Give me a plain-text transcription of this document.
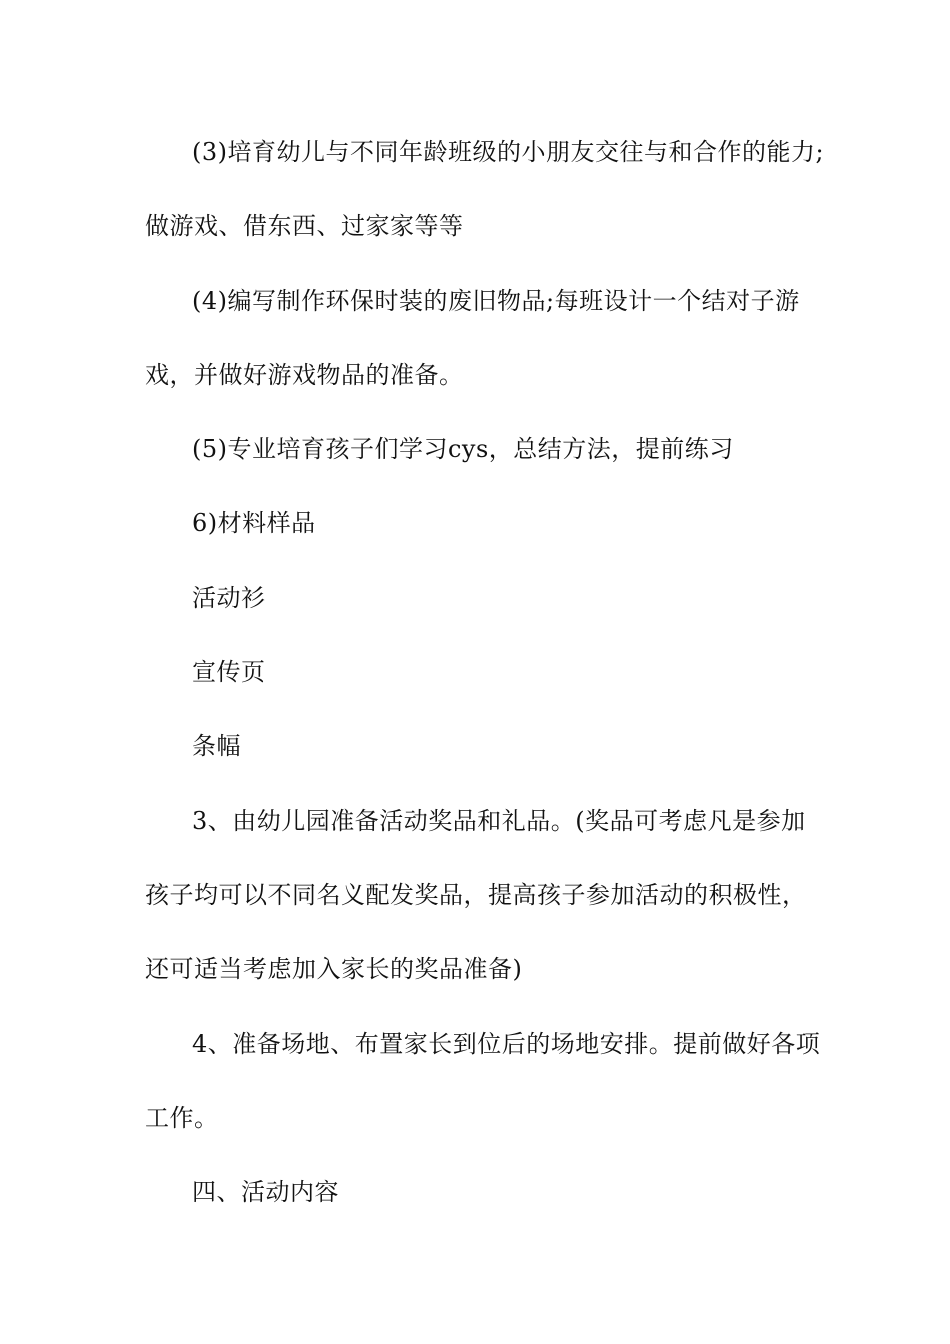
(3)培育幼儿与不同年龄班级的小朋友交往与和合作的能力;
做游戏、借东西、过家家等等
(4)编写制作环保时装的废旧物品;每班设计一个结对子游
戏，并做好游戏物品的准备。
(5)专业培育孩子们学习cys，总结方法，提前练习
6)材料样品
活动衫
宣传页
条幅
3、由幼儿园准备活动奖品和礼品。(奖品可考虑凡是参加
孩子均可以不同名义配发奖品，提高孩子参加活动的积极性，
还可适当考虑加入家长的奖品准备)
4、准备场地、布置家长到位后的场地安排。提前做好各项
工作。
四、活动内容
